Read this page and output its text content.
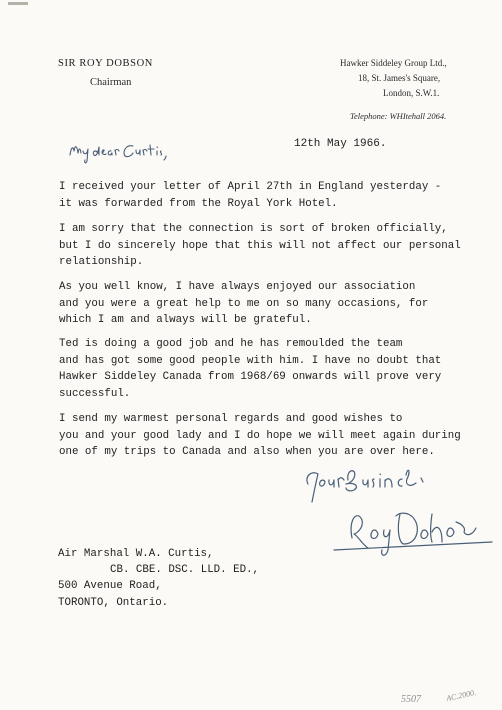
SIR ROY DOBSON
Chairman
Hawker Siddeley Group Ltd.,
18, St. James's Square,
London, S.W.1.
Telephone: WHItehall 2064.
12th May 1966.
I received your letter of April 27th in England yesterday -
it was forwarded from the Royal York Hotel.
I am sorry that the connection is sort of broken officially,
but I do sincerely hope that this will not affect our personal
relationship.
As you well know, I have always enjoyed our association
and you were a great help to me on so many occasions, for
which I am and always will be grateful.
Ted is doing a good job and he has remoulded the team
and has got some good people with him. I have no doubt that
Hawker Siddeley Canada from 1968/69 onwards will prove very
successful.
I send my warmest personal regards and good wishes to
you and your good lady and I do hope we will meet again during
one of my trips to Canada and also when you are over here.
Air Marshal W.A. Curtis,
CB. CBE. DSC. LLD. ED.,
500 Avenue Road,
TORONTO, Ontario.
5507	AC.2000.
